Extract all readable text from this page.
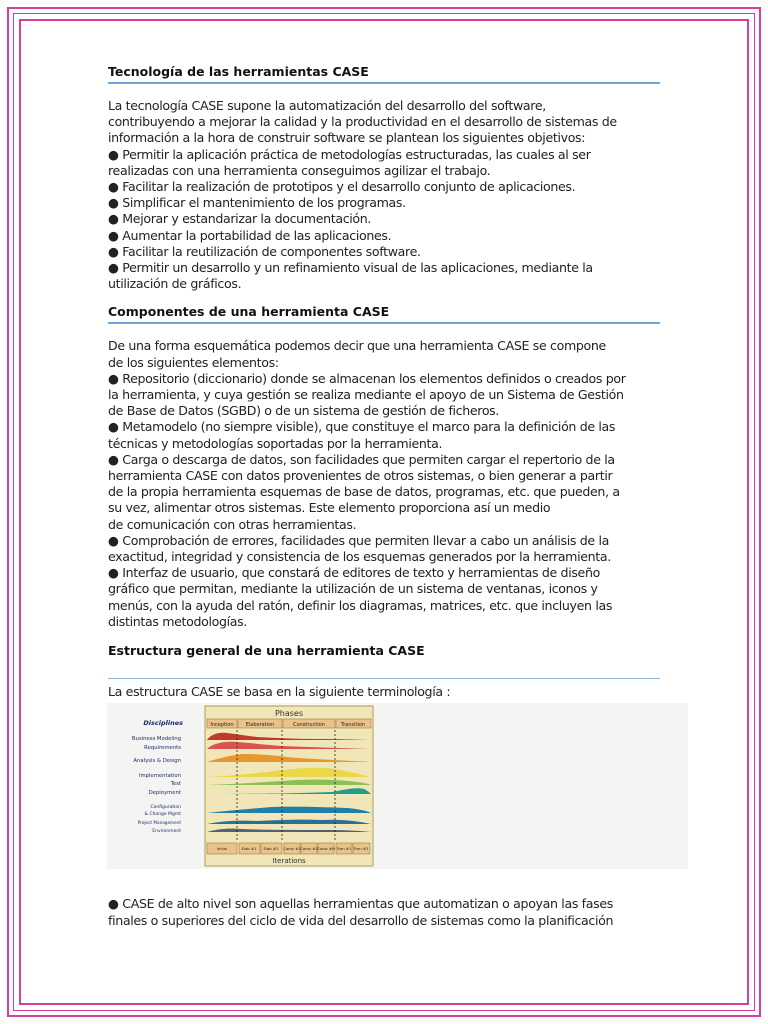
Tecnología de las herramientas CASE
La tecnología CASE supone la automatización del desarrollo del software,
contribuyendo a mejorar la calidad y la productividad en el desarrollo de sistemas de
información a la hora de construir software se plantean los siguientes objetivos:
● Permitir la aplicación práctica de metodologías estructuradas, las cuales al ser
realizadas con una herramienta conseguimos agilizar el trabajo.
● Facilitar la realización de prototipos y el desarrollo conjunto de aplicaciones.
● Simplificar el mantenimiento de los programas.
● Mejorar y estandarizar la documentación.
● Aumentar la portabilidad de las aplicaciones.
● Facilitar la reutilización de componentes software.
● Permitir un desarrollo y un refinamiento visual de las aplicaciones, mediante la
utilización de gráficos.
Componentes de una herramienta CASE
De una forma esquemática podemos decir que una herramienta CASE se compone
de los siguientes elementos:
● Repositorio (diccionario) donde se almacenan los elementos definidos o creados por
la herramienta, y cuya gestión se realiza mediante el apoyo de un Sistema de Gestión
de Base de Datos (SGBD) o de un sistema de gestión de ficheros.
● Metamodelo (no siempre visible), que constituye el marco para la definición de las
técnicas y metodologías soportadas por la herramienta.
● Carga o descarga de datos, son facilidades que permiten cargar el repertorio de la
herramienta CASE con datos provenientes de otros sistemas, o bien generar a partir
de la propia herramienta esquemas de base de datos, programas, etc. que pueden, a
su vez, alimentar otros sistemas. Este elemento proporciona así un medio
de comunicación con otras herramientas.
● Comprobación de errores, facilidades que permiten llevar a cabo un análisis de la
exactitud, integridad y consistencia de los esquemas generados por la herramienta.
● Interfaz de usuario, que constará de editores de texto y herramientas de diseño
gráfico que permitan, mediante la utilización de un sistema de ventanas, iconos y
menús, con la ayuda del ratón, definir los diagramas, matrices, etc. que incluyen las
distintas metodologías.
Estructura general de una herramienta CASE
La estructura CASE se basa en la siguiente terminología :
Phases
Inception Elaboration	Construction	Transition
Disciplines
Business Modeling
Requirements
Analysis & Design
Implementation
Test
Deployment
Configuration
& Change Mgmt
Project Management
Environment
Initial	Elab #1 Elab #2 Const #1 Const #2 Const #N Tran #1 Tran #2
Iterations
● CASE de alto nivel son aquellas herramientas que automatizan o apoyan las fases
finales o superiores del ciclo de vida del desarrollo de sistemas como la planificación
